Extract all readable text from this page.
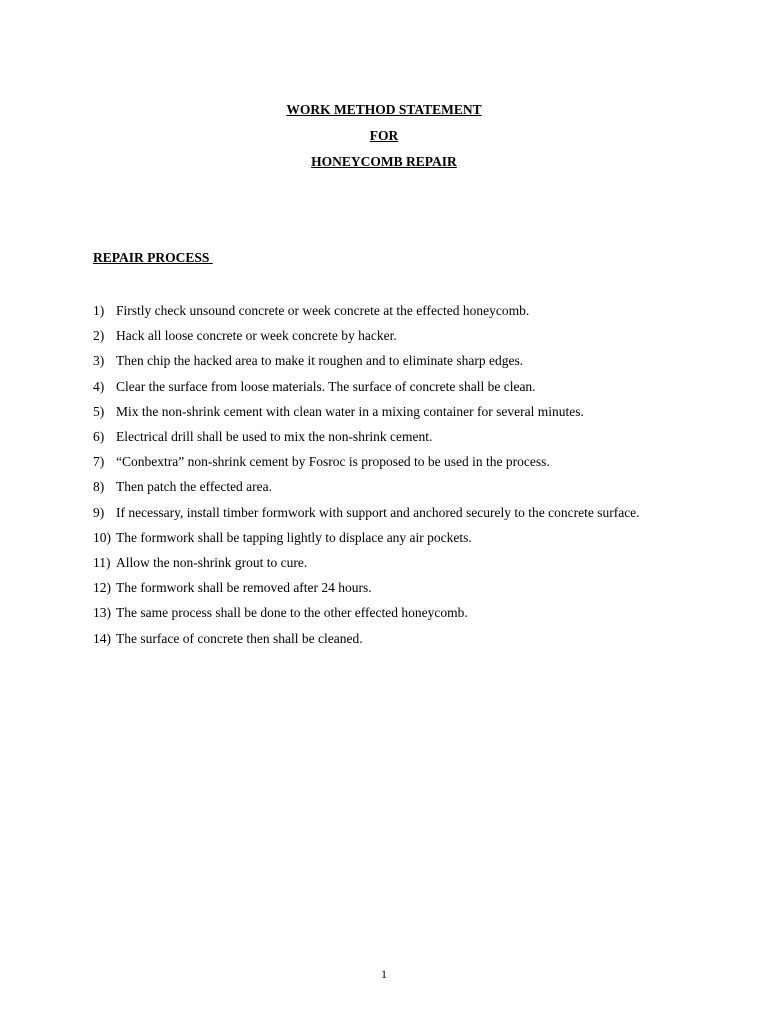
WORK METHOD STATEMENT

FOR

HONEYCOMB REPAIR

REPAIR PROCESS

1) Firstly check unsound concrete or week concrete at the effected honeycomb.
2) Hack all loose concrete or week concrete by hacker.
3) Then chip the hacked area to make it roughen and to eliminate sharp edges.
4) Clear the surface from loose materials. The surface of concrete shall be clean.
5) Mix the non-shrink cement with clean water in a mixing container for several minutes.
6) Electrical drill shall be used to mix the non-shrink cement.
7) “Conbextra” non-shrink cement by Fosroc is proposed to be used in the process.
8) Then patch the effected area.
9) If necessary, install timber formwork with support and anchored securely to the concrete surface.
10) The formwork shall be tapping lightly to displace any air pockets.
11) Allow the non-shrink grout to cure.
12) The formwork shall be removed after 24 hours.
13) The same process shall be done to the other effected honeycomb.
14) The surface of concrete then shall be cleaned.
1
